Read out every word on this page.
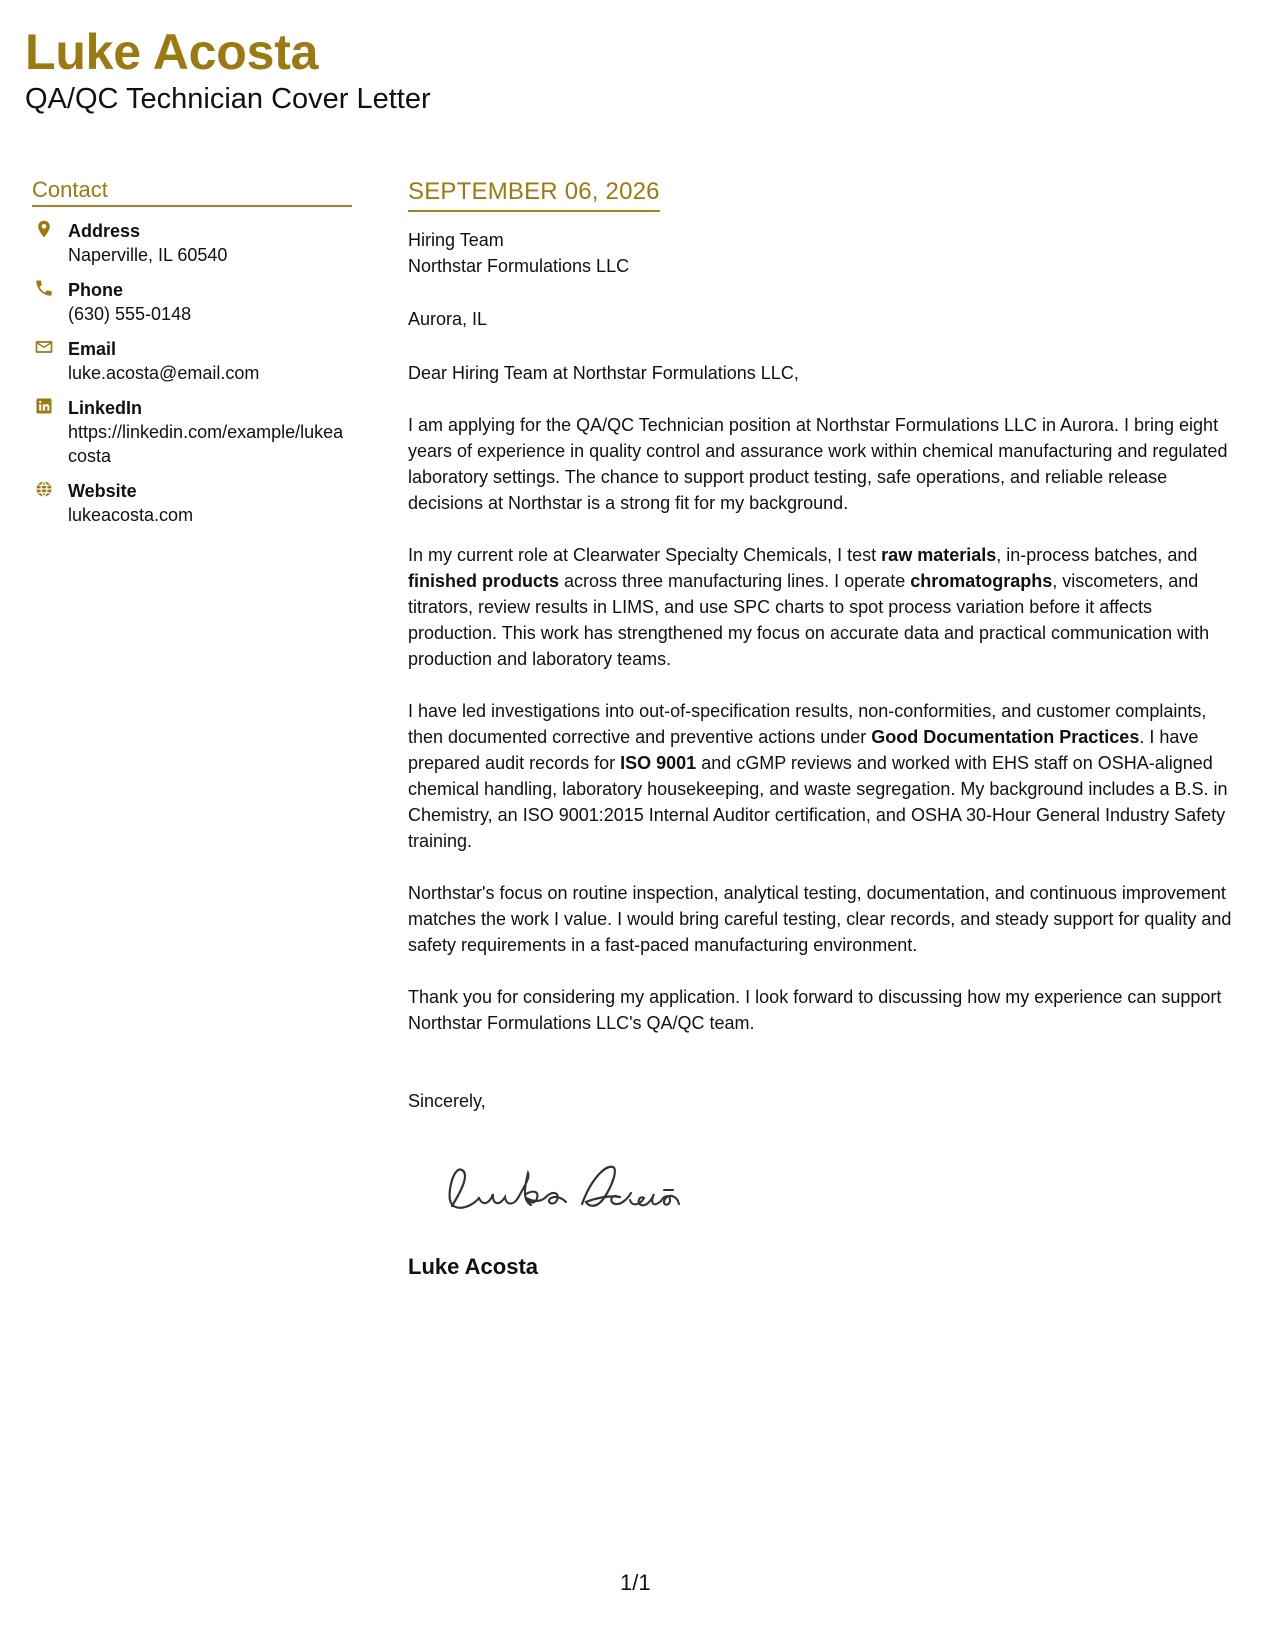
Luke Acosta
QA/QC Technician Cover Letter
Contact
Address
Naperville, IL 60540
Phone
(630) 555-0148
Email
luke.acosta@email.com
LinkedIn
https://linkedin.com/example/lukeacosta
Website
lukeacosta.com
SEPTEMBER 06, 2026

Hiring Team

Northstar Formulations LLC

Aurora, IL

Dear Hiring Team at Northstar Formulations LLC,

I am applying for the QA/QC Technician position at Northstar Formulations LLC in Aurora. I bring eight years of experience in quality control and assurance work within chemical manufacturing and regulated laboratory settings. The chance to support product testing, safe operations, and reliable release decisions at Northstar is a strong fit for my background.

In my current role at Clearwater Specialty Chemicals, I test raw materials, in-process batches, and finished products across three manufacturing lines. I operate chromatographs, viscometers, and titrators, review results in LIMS, and use SPC charts to spot process variation before it affects production. This work has strengthened my focus on accurate data and practical communication with production and laboratory teams.

I have led investigations into out-of-specification results, non-conformities, and customer complaints, then documented corrective and preventive actions under Good Documentation Practices. I have prepared audit records for ISO 9001 and cGMP reviews and worked with EHS staff on OSHA-aligned chemical handling, laboratory housekeeping, and waste segregation. My background includes a B.S. in Chemistry, an ISO 9001:2015 Internal Auditor certification, and OSHA 30-Hour General Industry Safety training.

Northstar's focus on routine inspection, analytical testing, documentation, and continuous improvement matches the work I value. I would bring careful testing, clear records, and steady support for quality and safety requirements in a fast-paced manufacturing environment.

Thank you for considering my application. I look forward to discussing how my experience can support Northstar Formulations LLC's QA/QC team.

Sincerely,

Luke Acosta
1/1
